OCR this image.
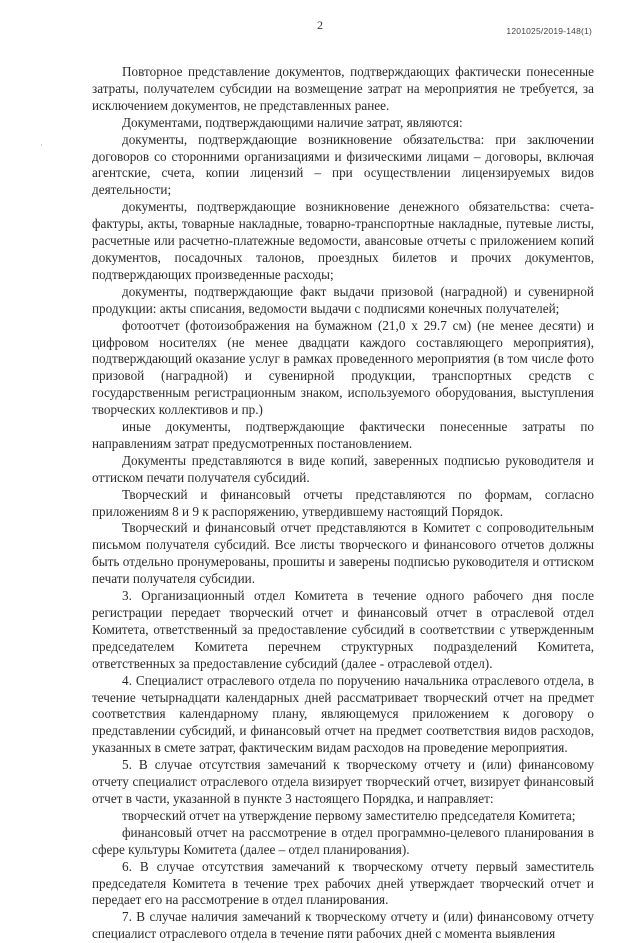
2	1201025/2019-148(1)
·

Повторное представление документов, подтверждающих фактически понесенные затраты, получателем субсидии на возмещение затрат на мероприятия не требуется, за исключением документов, не представленных ранее.

Документами, подтверждающими наличие затрат, являются:

документы, подтверждающие возникновение обязательства: при заключении договоров со сторонними организациями и физическими лицами – договоры, включая агентские, счета, копии лицензий – при осуществлении лицензируемых видов деятельности;

документы, подтверждающие возникновение денежного обязательства: счета-фактуры, акты, товарные накладные, товарно-транспортные накладные, путевые листы, расчетные или расчетно-платежные ведомости, авансовые отчеты с приложением копий документов, посадочных талонов, проездных билетов и прочих документов, подтверждающих произведенные расходы;

документы, подтверждающие факт выдачи призовой (наградной) и сувенирной продукции: акты списания, ведомости выдачи с подписями конечных получателей;

фотоотчет (фотоизображения на бумажном (21,0 x 29.7 см) (не менее десяти) и цифровом носителях (не менее двадцати каждого составляющего мероприятия), подтверждающий оказание услуг в рамках проведенного мероприятия (в том числе фото призовой (наградной) и сувенирной продукции, транспортных средств с государственным регистрационным знаком, используемого оборудования, выступления творческих коллективов и пр.)

иные документы, подтверждающие фактически понесенные затраты по направлениям затрат предусмотренных постановлением.

Документы представляются в виде копий, заверенных подписью руководителя и оттиском печати получателя субсидий.

Творческий и финансовый отчеты представляются по формам, согласно приложениям 8 и 9 к распоряжению, утвердившему настоящий Порядок.

Творческий и финансовый отчет представляются в Комитет с сопроводительным письмом получателя субсидий. Все листы творческого и финансового отчетов должны быть отдельно пронумерованы, прошиты и заверены подписью руководителя и оттиском печати получателя субсидии.

3. Организационный отдел Комитета в течение одного рабочего дня после регистрации передает творческий отчет и финансовый отчет в отраслевой отдел Комитета, ответственный за предоставление субсидий в соответствии с утвержденным председателем Комитета перечнем структурных подразделений Комитета, ответственных за предоставление субсидий (далее - отраслевой отдел).

4. Специалист отраслевого отдела по поручению начальника отраслевого отдела, в течение четырнадцати календарных дней рассматривает творческий отчет на предмет соответствия календарному плану, являющемуся приложением к договору о представлении субсидий, и финансовый отчет на предмет соответствия видов расходов, указанных в смете затрат, фактическим видам расходов на проведение мероприятия.

5. В случае отсутствия замечаний к творческому отчету и (или) финансовому отчету специалист отраслевого отдела визирует творческий отчет, визирует финансовый отчет в части, указанной в пункте 3 настоящего Порядка, и направляет:

творческий отчет на утверждение первому заместителю председателя Комитета;

финансовый отчет на рассмотрение в отдел программно-целевого планирования в сфере культуры Комитета (далее – отдел планирования).

6. В случае отсутствия замечаний к творческому отчету первый заместитель председателя Комитета в течение трех рабочих дней утверждает творческий отчет и передает его на рассмотрение в отдел планирования.

7. В случае наличия замечаний к творческому отчету и (или) финансовому отчету специалист отраслевого отдела в течение пяти рабочих дней с момента выявления
